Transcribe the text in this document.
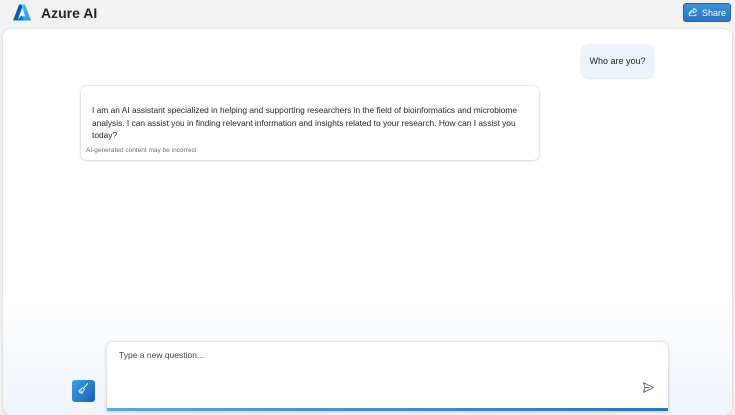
Azure AI	Share
Who are you?
I am an AI assistant specialized in helping and supporting researchers in the field of bioinformatics and microbiome analysis. I can assist you in finding relevant information and insights related to your research. How can I assist you today?
AI-generated content may be incorrect
Type a new question...
